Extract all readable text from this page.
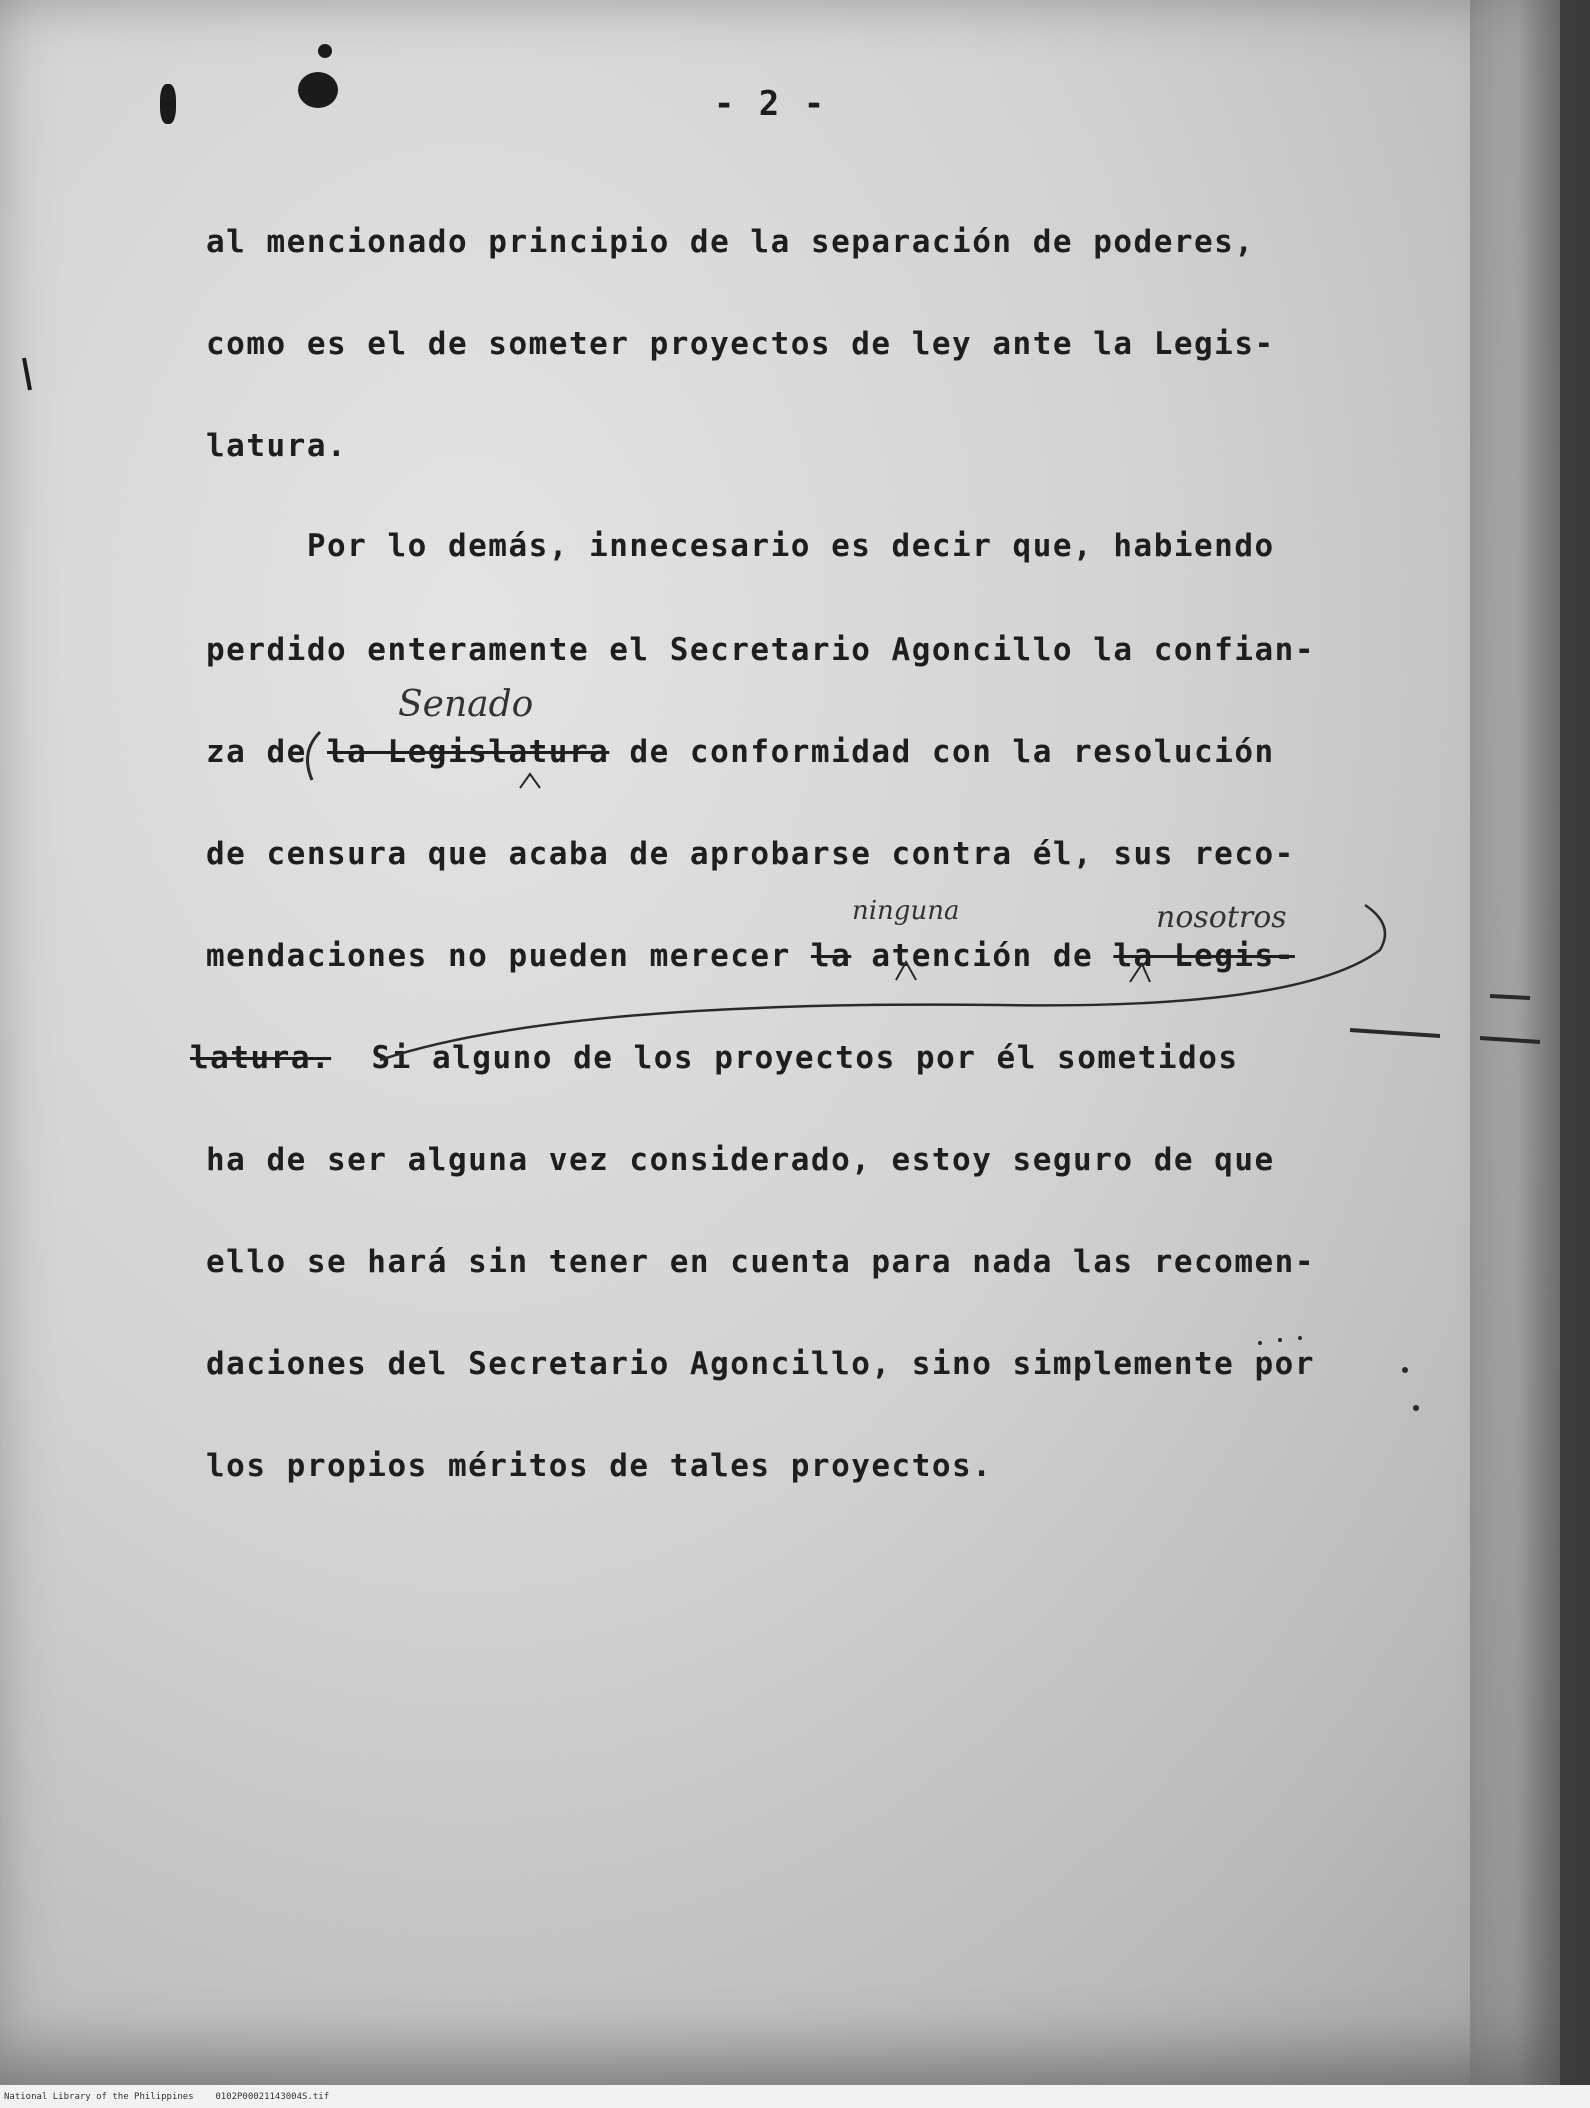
- 2 -

al mencionado principio de la separación de poderes,

como es el de someter proyectos de ley ante la Legis-

latura.

Por lo demás, innecesario es decir que, habiendo

perdido enteramente el Secretario Agoncillo la confian-

za de la Legislatura de conformidad con la resolución

de censura que acaba de aprobarse contra él, sus reco-

mendaciones no pueden merecer la atención de la Legis-

latura.  Si alguno de los proyectos por él sometidos

ha de ser alguna vez considerado, estoy seguro de que

ello se hará sin tener en cuenta para nada las recomen-

daciones del Secretario Agoncillo, sino simplemente por

los propios méritos de tales proyectos.

Senado
ninguna	nosotros
National Library of the Philippines    0102P00021143004S.tif
